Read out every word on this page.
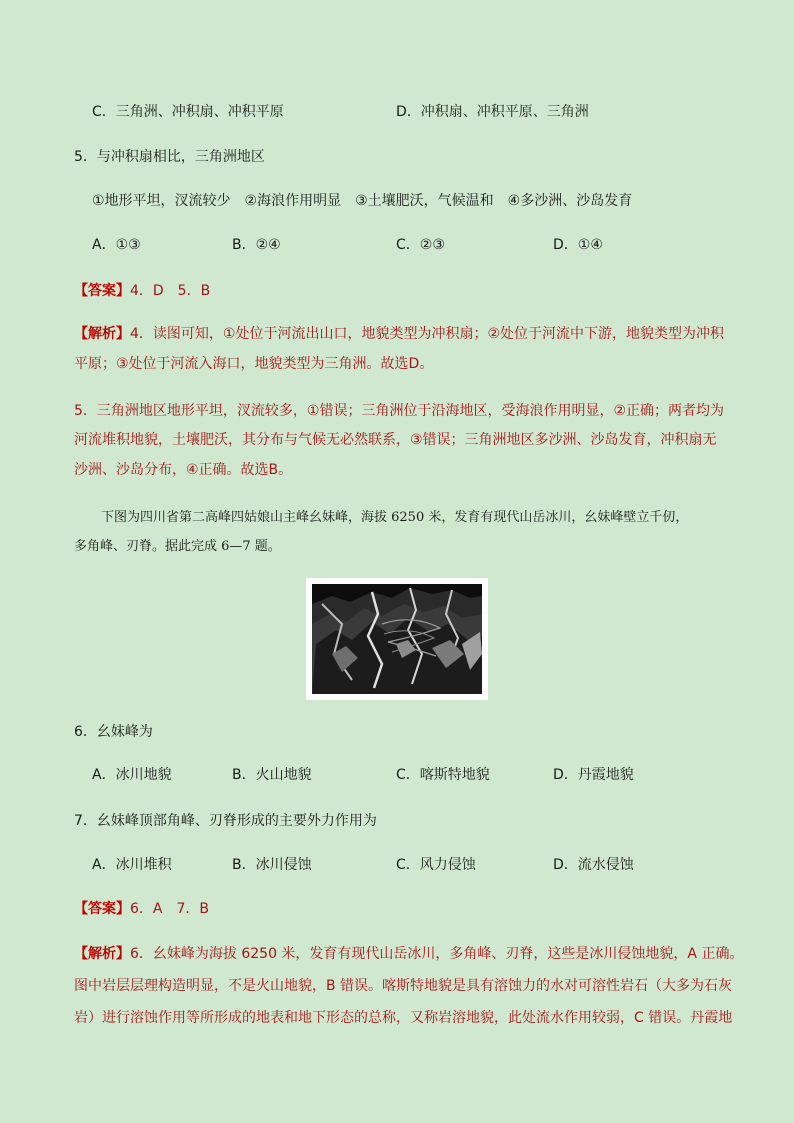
C．三角洲、冲积扇、冲积平原	D．冲积扇、冲积平原、三角洲
5．与冲积扇相比，三角洲地区
①地形平坦，汊流较少　②海浪作用明显　③土壤肥沃，气候温和　④多沙洲、沙岛发育
A．①③	B．②④	C．②③	D．①④
【答案】4．D　5．B
【解析】4．读图可知，①处位于河流出山口，地貌类型为冲积扇；②处位于河流中下游，地貌类型为冲积
平原；③处位于河流入海口，地貌类型为三角洲。故选D。
5．三角洲地区地形平坦，汊流较多，①错误；三角洲位于沿海地区，受海浪作用明显，②正确；两者均为
河流堆积地貌，土壤肥沃，其分布与气候无必然联系，③错误；三角洲地区多沙洲、沙岛发育，冲积扇无
沙洲、沙岛分布，④正确。故选B。
下图为四川省第二高峰四姑娘山主峰幺妹峰，海拔 6250 米，发育有现代山岳冰川，幺妹峰壁立千仞，
多角峰、刃脊。据此完成 6—7 题。
6．幺妹峰为
A．冰川地貌	B．火山地貌	C．喀斯特地貌	D．丹霞地貌
7．幺妹峰顶部角峰、刃脊形成的主要外力作用为
A．冰川堆积	B．冰川侵蚀	C．风力侵蚀	D．流水侵蚀
【答案】6．A　7．B
【解析】6．幺妹峰为海拔 6250 米，发育有现代山岳冰川，多角峰、刃脊，这些是冰川侵蚀地貌，A 正确。
图中岩层层理构造明显，不是火山地貌，B 错误。喀斯特地貌是具有溶蚀力的水对可溶性岩石（大多为石灰
岩）进行溶蚀作用等所形成的地表和地下形态的总称，又称岩溶地貌，此处流水作用较弱，C 错误。丹霞地
